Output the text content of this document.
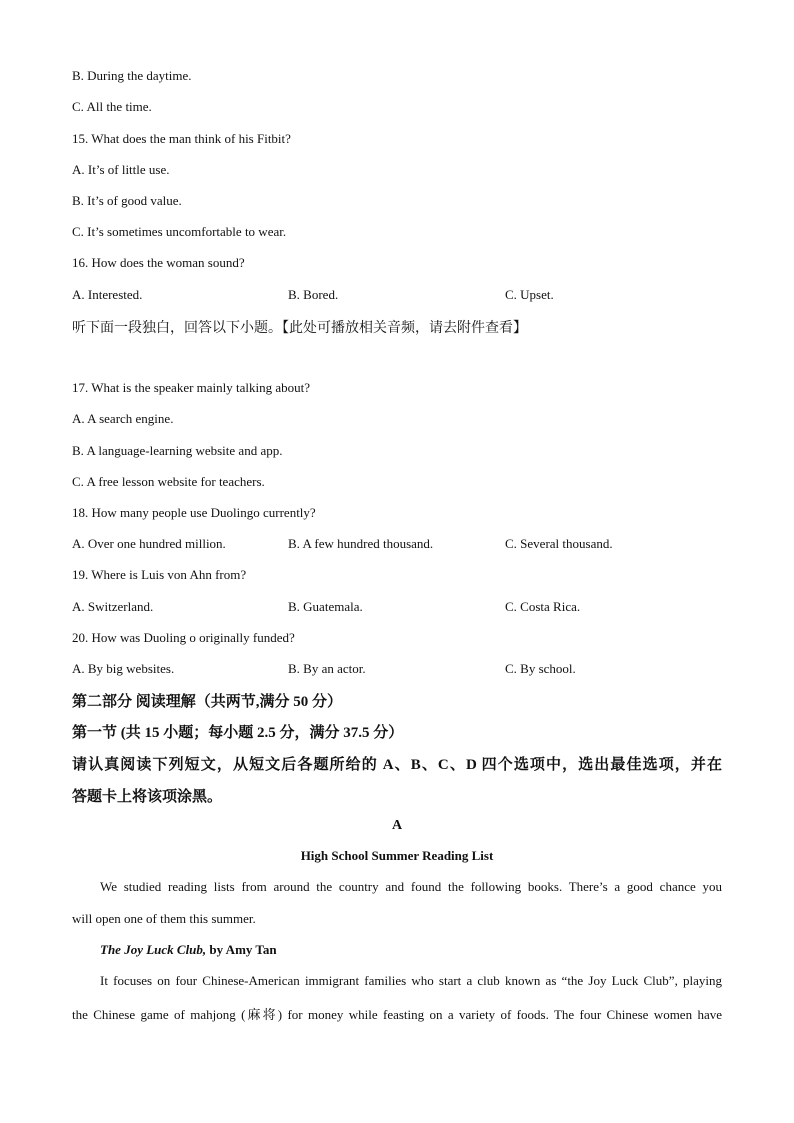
B. During the daytime.
C. All the time.
15. What does the man think of his Fitbit?
A. It’s of little use.
B. It’s of good value.
C. It’s sometimes uncomfortable to wear.
16. How does the woman sound?
A. Interested.	B. Bored.	C. Upset.
听下面一段独白，回答以下小题。【此处可播放相关音频，请去附件查看】
17. What is the speaker mainly talking about?
A. A search engine.
B. A language-learning website and app.
C. A free lesson website for teachers.
18. How many people use Duolingo currently?
A. Over one hundred million.	B. A few hundred thousand.	C. Several thousand.
19. Where is Luis von Ahn from?
A. Switzerland.	B. Guatemala.	C. Costa Rica.
20. How was Duoling o originally funded?
A. By big websites.	B. By an actor.	C. By school.
第二部分 阅读理解（共两节,满分 50 分）
第一节 (共 15 小题；每小题 2.5 分，满分 37.5 分）
请认真阅读下列短文，从短文后各题所给的 A、B、C、D 四个选项中，选出最佳选项，并在
答题卡上将该项涂黑。
A
High School Summer Reading List
We studied reading lists from around the country and found the following books. There’s a good chance you
will open one of them this summer.
The Joy Luck Club, by Amy Tan
It focuses on four Chinese-American immigrant families who start a club known as “the Joy Luck Club”, playing
the Chinese game of mahjong (麻将) for money while feasting on a variety of foods. The four Chinese women have
